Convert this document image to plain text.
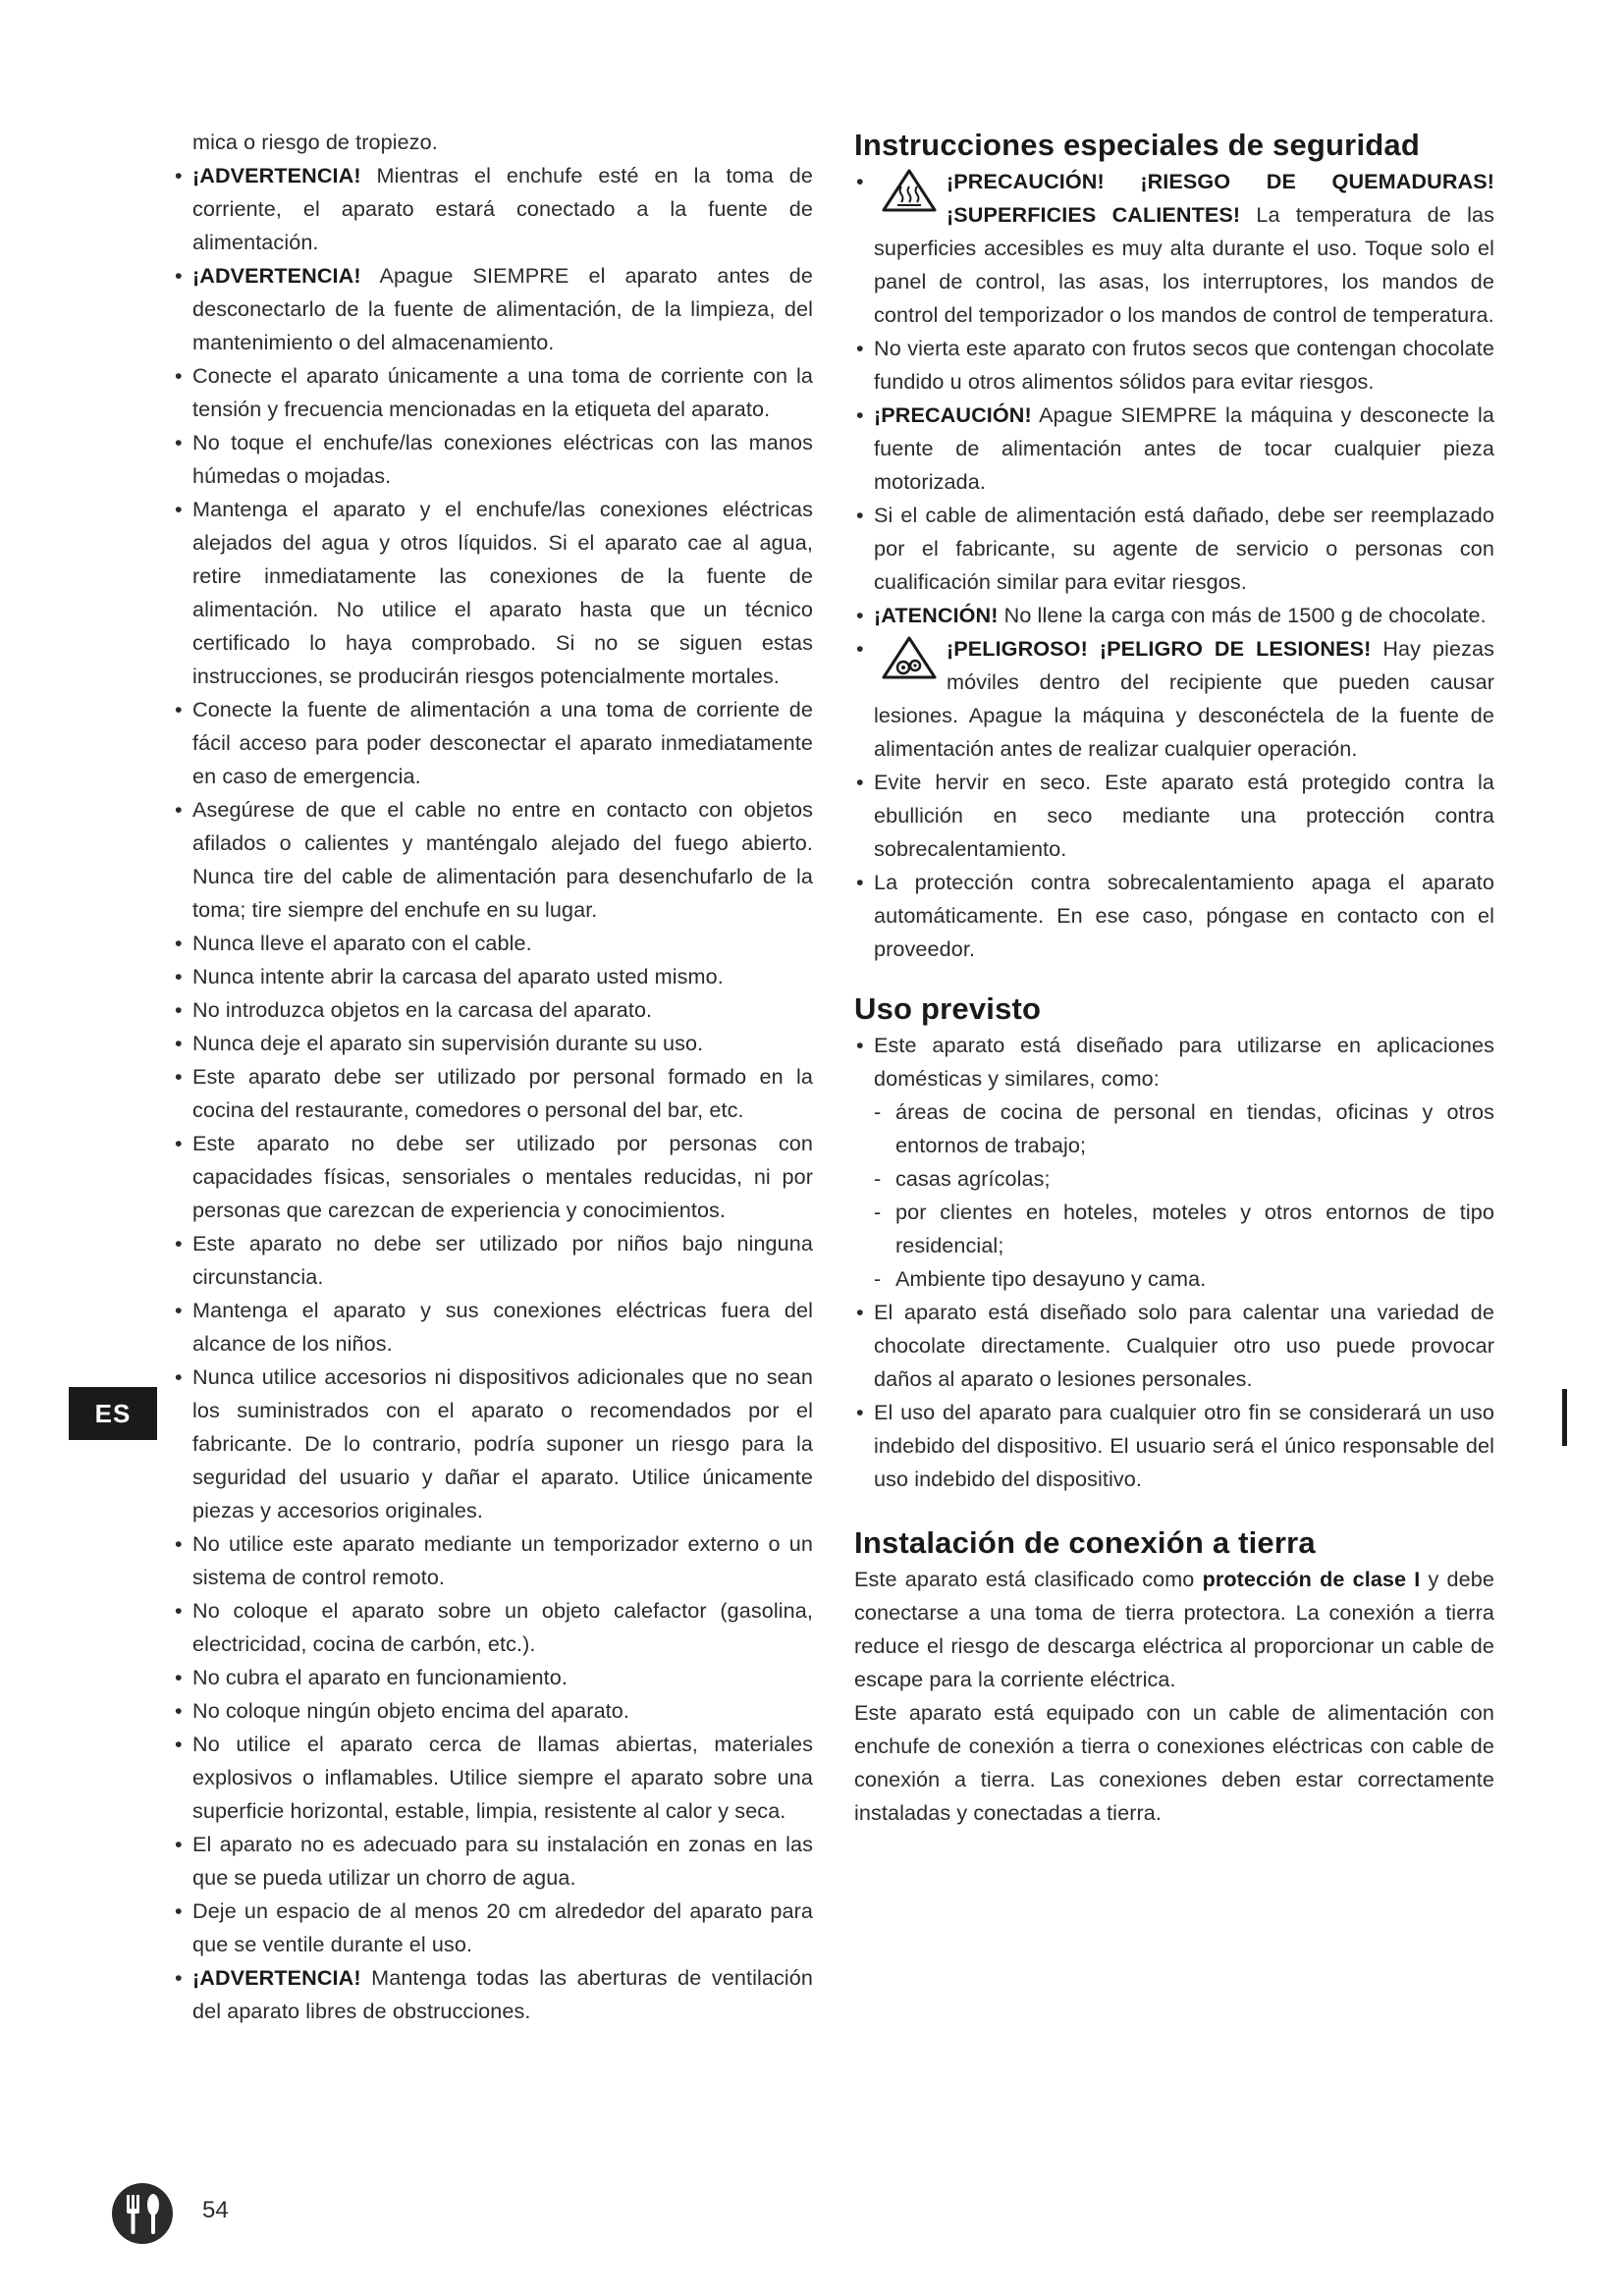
mica o riesgo de tropiezo.
• ¡ADVERTENCIA! Mientras el enchufe esté en la toma de corriente, el aparato estará conectado a la fuente de alimentación.
• ¡ADVERTENCIA! Apague SIEMPRE el aparato antes de desconectarlo de la fuente de alimentación, de la limpieza, del mantenimiento o del almacenamiento.
• Conecte el aparato únicamente a una toma de corriente con la tensión y frecuencia mencionadas en la etiqueta del aparato.
• No toque el enchufe/las conexiones eléctricas con las manos húmedas o mojadas.
• Mantenga el aparato y el enchufe/las conexiones eléctricas alejados del agua y otros líquidos. Si el aparato cae al agua, retire inmediatamente las conexiones de la fuente de alimentación. No utilice el aparato hasta que un técnico certificado lo haya comprobado. Si no se siguen estas instrucciones, se producirán riesgos potencialmente mortales.
• Conecte la fuente de alimentación a una toma de corriente de fácil acceso para poder desconectar el aparato inmediatamente en caso de emergencia.
• Asegúrese de que el cable no entre en contacto con objetos afilados o calientes y manténgalo alejado del fuego abierto. Nunca tire del cable de alimentación para desenchufarlo de la toma; tire siempre del enchufe en su lugar.
• Nunca lleve el aparato con el cable.
• Nunca intente abrir la carcasa del aparato usted mismo.
• No introduzca objetos en la carcasa del aparato.
• Nunca deje el aparato sin supervisión durante su uso.
• Este aparato debe ser utilizado por personal formado en la cocina del restaurante, comedores o personal del bar, etc.
• Este aparato no debe ser utilizado por personas con capacidades físicas, sensoriales o mentales reducidas, ni por personas que carezcan de experiencia y conocimientos.
• Este aparato no debe ser utilizado por niños bajo ninguna circunstancia.
• Mantenga el aparato y sus conexiones eléctricas fuera del alcance de los niños.
• Nunca utilice accesorios ni dispositivos adicionales que no sean los suministrados con el aparato o recomendados por el fabricante. De lo contrario, podría suponer un riesgo para la seguridad del usuario y dañar el aparato. Utilice únicamente piezas y accesorios originales.
• No utilice este aparato mediante un temporizador externo o un sistema de control remoto.
• No coloque el aparato sobre un objeto calefactor (gasolina, electricidad, cocina de carbón, etc.).
• No cubra el aparato en funcionamiento.
• No coloque ningún objeto encima del aparato.
• No utilice el aparato cerca de llamas abiertas, materiales explosivos o inflamables. Utilice siempre el aparato sobre una superficie horizontal, estable, limpia, resistente al calor y seca.
• El aparato no es adecuado para su instalación en zonas en las que se pueda utilizar un chorro de agua.
• Deje un espacio de al menos 20 cm alrededor del aparato para que se ventile durante el uso.
• ¡ADVERTENCIA! Mantenga todas las aberturas de ventilación del aparato libres de obstrucciones.
Instrucciones especiales de seguridad
•	¡PRECAUCIÓN! ¡RIESGO DE QUEMADURAS! ¡SUPERFICIES CALIENTES! La temperatura de las superficies accesibles es muy alta durante el uso. Toque solo el panel de control, las asas, los interruptores, los mandos de control del temporizador o los mandos de control de temperatura.
• No vierta este aparato con frutos secos que contengan chocolate fundido u otros alimentos sólidos para evitar riesgos.
• ¡PRECAUCIÓN! Apague SIEMPRE la máquina y desconecte la fuente de alimentación antes de tocar cualquier pieza motorizada.
• Si el cable de alimentación está dañado, debe ser reemplazado por el fabricante, su agente de servicio o personas con cualificación similar para evitar riesgos.
• ¡ATENCIÓN! No llene la carga con más de 1500 g de chocolate.
•	¡PELIGROSO! ¡PELIGRO DE LESIONES! Hay piezas móviles dentro del recipiente que pueden causar lesiones. Apague la máquina y desconéctela de la fuente de alimentación antes de realizar cualquier operación.
• Evite hervir en seco. Este aparato está protegido contra la ebullición en seco mediante una protección contra sobrecalentamiento.
• La protección contra sobrecalentamiento apaga el aparato automáticamente. En ese caso, póngase en contacto con el proveedor.
Uso previsto
• Este aparato está diseñado para utilizarse en aplicaciones domésticas y similares, como:
- áreas de cocina de personal en tiendas, oficinas y otros entornos de trabajo;
- casas agrícolas;
- por clientes en hoteles, moteles y otros entornos de tipo residencial;
- Ambiente tipo desayuno y cama.
• El aparato está diseñado solo para calentar una variedad de chocolate directamente. Cualquier otro uso puede provocar daños al aparato o lesiones personales.
• El uso del aparato para cualquier otro fin se considerará un uso indebido del dispositivo. El usuario será el único responsable del uso indebido del dispositivo.
Instalación de conexión a tierra

Este aparato está clasificado como protección de clase I y debe conectarse a una toma de tierra protectora. La conexión a tierra reduce el riesgo de descarga eléctrica al proporcionar un cable de escape para la corriente eléctrica.

Este aparato está equipado con un cable de alimentación con enchufe de conexión a tierra o conexiones eléctricas con cable de conexión a tierra. Las conexiones deben estar correctamente instaladas y conectadas a tierra.

ES
54
